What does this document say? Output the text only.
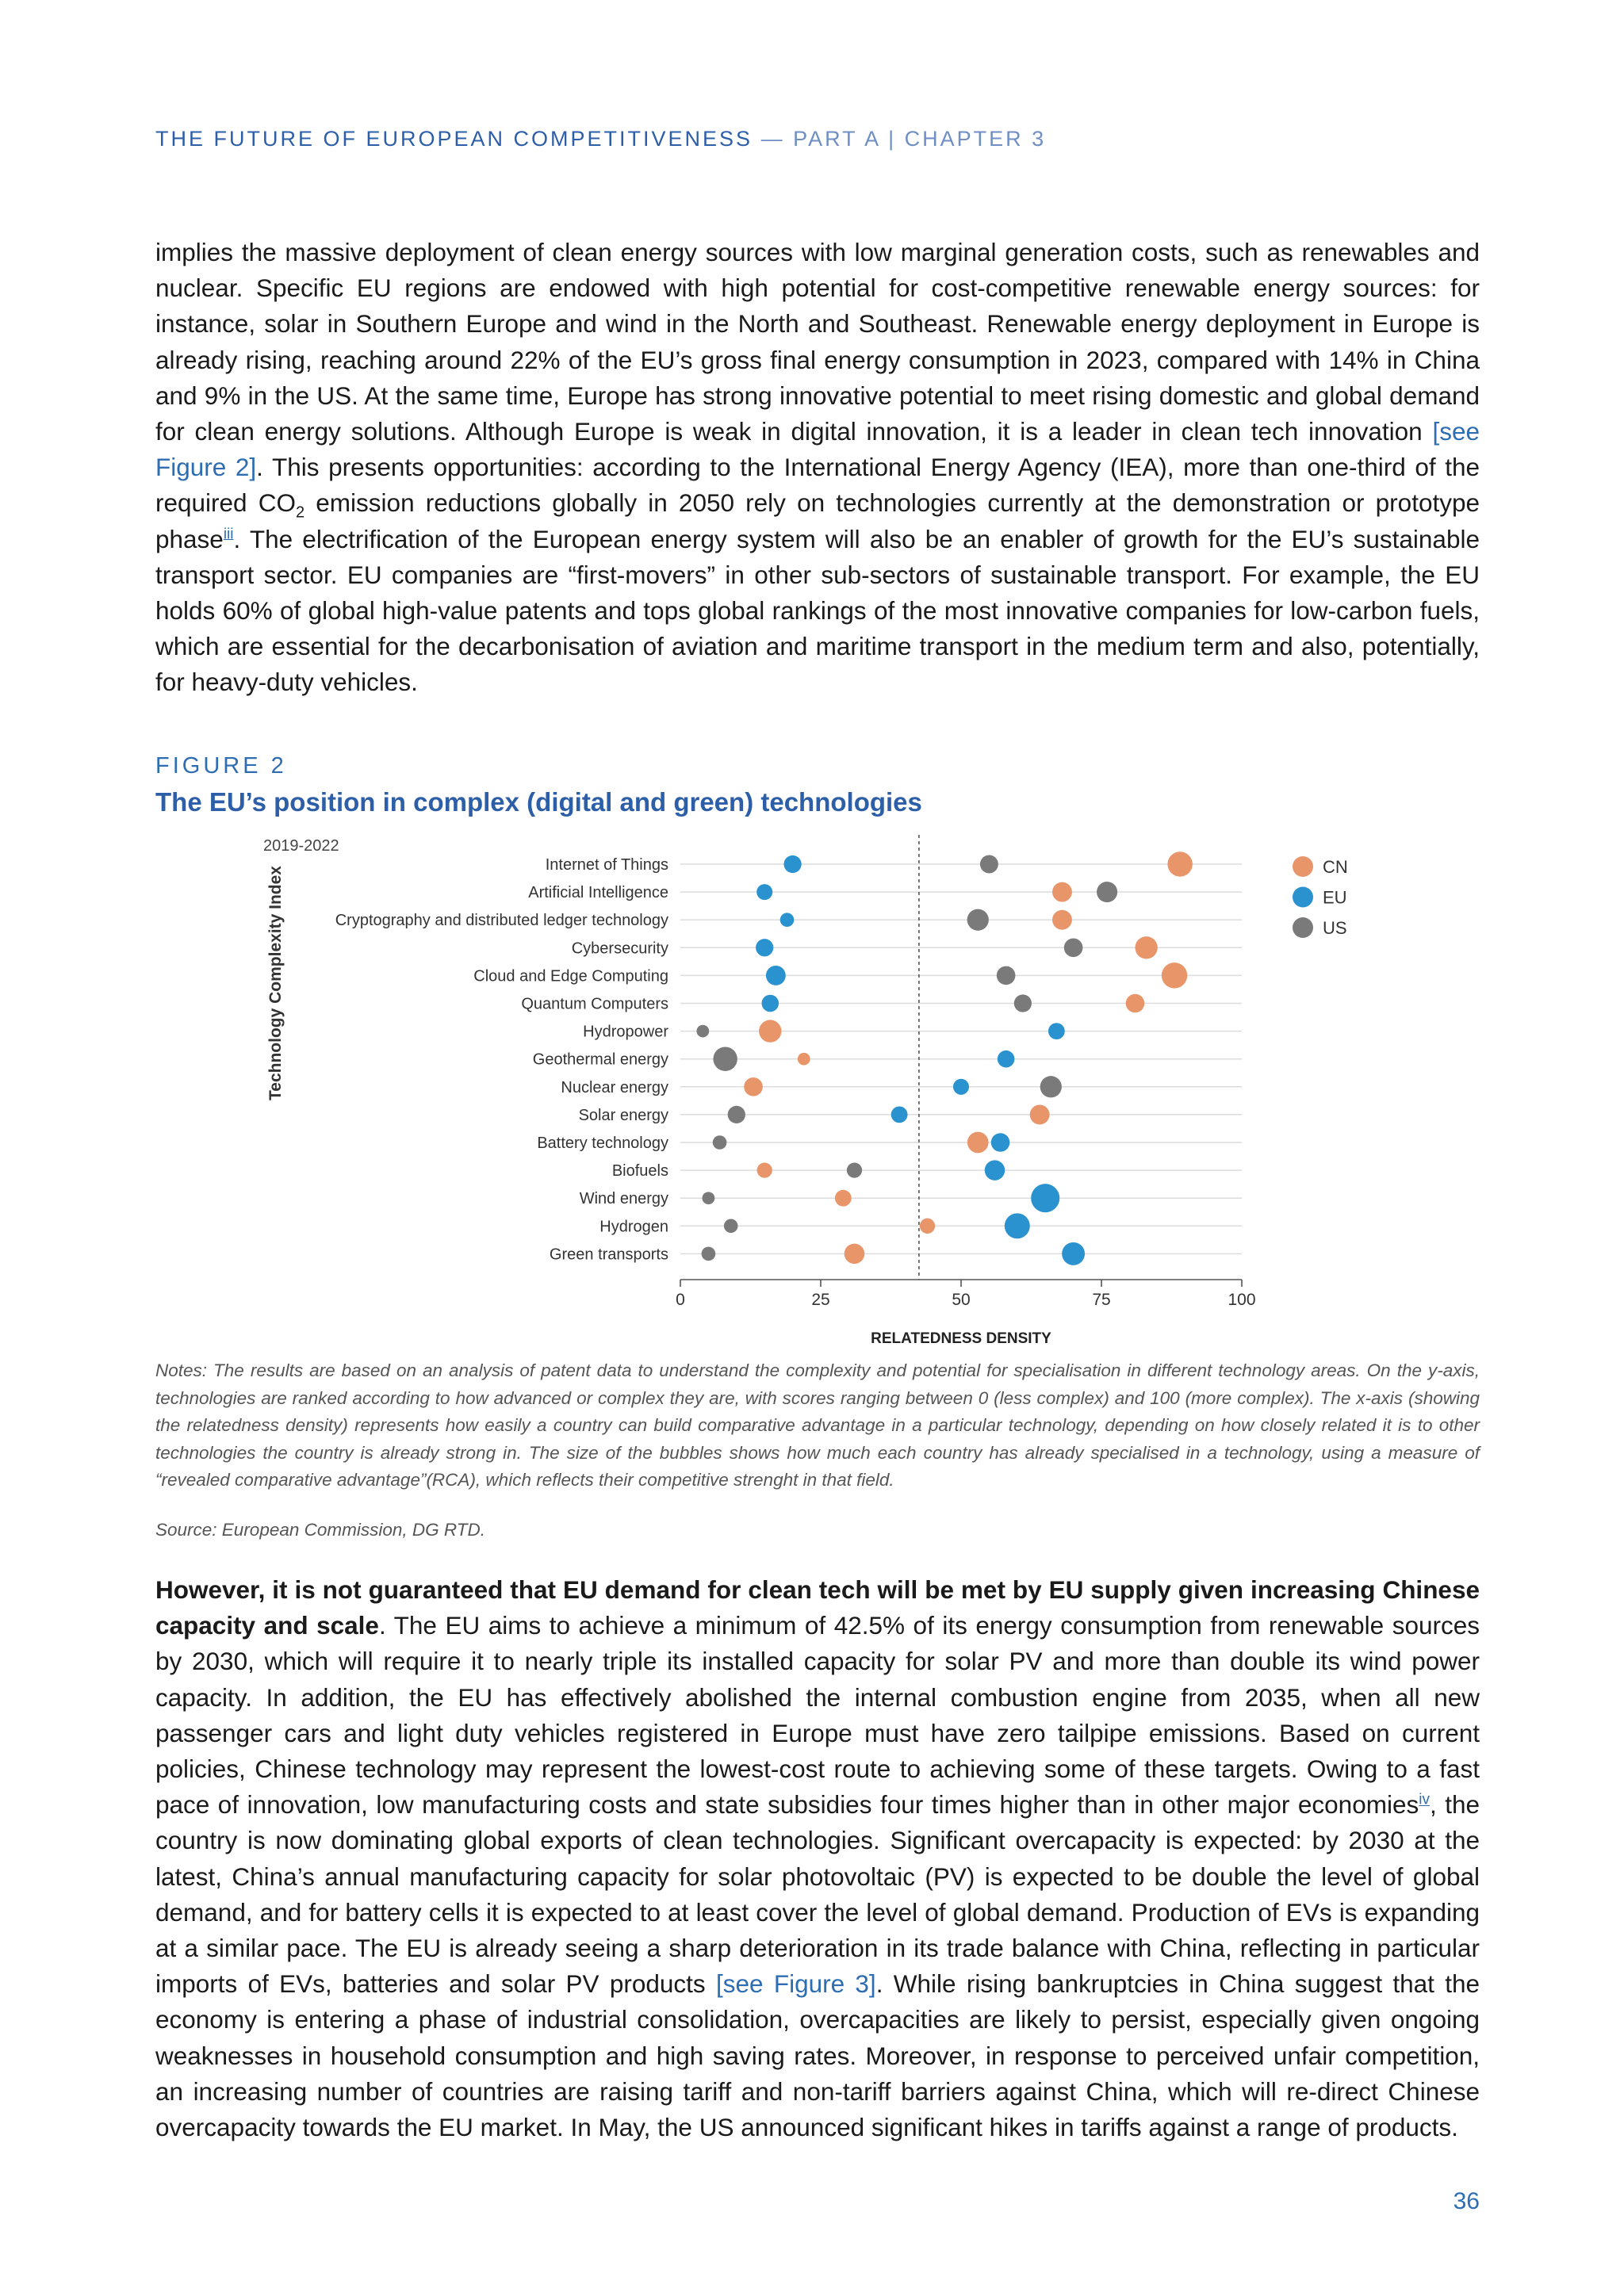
THE FUTURE OF EUROPEAN COMPETITIVENESS — PART A | CHAPTER 3

implies the massive deployment of clean energy sources with low marginal generation costs, such as renewables and nuclear. Specific EU regions are endowed with high potential for cost-competitive renewable energy sources: for instance, solar in Southern Europe and wind in the North and Southeast. Renewable energy deployment in Europe is already rising, reaching around 22% of the EU’s gross final energy consumption in 2023, compared with 14% in China and 9% in the US. At the same time, Europe has strong innovative potential to meet rising domestic and global demand for clean energy solutions. Although Europe is weak in digital innovation, it is a leader in clean tech innovation [see Figure 2]. This presents opportunities: according to the International Energy Agency (IEA), more than one-third of the required $CO_2$ emission reductions globally in 2050 rely on technologies currently at the demonstration or prototype phase$^{iii}$. The electrification of the European energy system will also be an enabler of growth for the EU’s sustainable transport sector. EU companies are “first-movers” in other sub-sectors of sustainable transport. For example, the EU holds 60% of global high-value patents and tops global rankings of the most innovative companies for low-carbon fuels, which are essential for the decarbonisation of aviation and maritime transport in the medium term and also, potentially, for heavy-duty vehicles.

FIGURE 2
The EU’s position in complex (digital and green) technologies
2019-2022
Internet of Things
Artificial Intelligence
Cryptography and distributed ledger technology
Cybersecurity
Cloud and Edge Computing
Quantum Computers
Hydropower
Geothermal energy
Nuclear energy
Solar energy
Battery technology
Biofuels
Wind energy
Hydrogen
Green transports
Technology Complexity Index
0	25	50	75	100
RELATEDNESS DENSITY
CN
EU
US

Notes: The results are based on an analysis of patent data to understand the complexity and potential for specialisation in different technology areas. On the y-axis, technologies are ranked according to how advanced or complex they are, with scores ranging between 0 (less complex) and 100 (more complex). The x-axis (showing the relatedness density) represents how easily a country can build comparative advantage in a particular technology, depending on how closely related it is to other technologies the country is already strong in. The size of the bubbles shows how much each country has already specialised in a technology, using a measure of “revealed comparative advantage”(RCA), which reflects their competitive strenght in that field.

Source: European Commission, DG RTD.

However, it is not guaranteed that EU demand for clean tech will be met by EU supply given increasing Chinese capacity and scale. The EU aims to achieve a minimum of 42.5% of its energy consumption from renewable sources by 2030, which will require it to nearly triple its installed capacity for solar PV and more than double its wind power capacity. In addition, the EU has effectively abolished the internal combustion engine from 2035, when all new passenger cars and light duty vehicles registered in Europe must have zero tailpipe emissions. Based on current policies, Chinese technology may represent the lowest-cost route to achieving some of these targets. Owing to a fast pace of innovation, low manufacturing costs and state subsidies four times higher than in other major economies$^{iv}$, the country is now dominating global exports of clean technologies. Significant overcapacity is expected: by 2030 at the latest, China’s annual manufacturing capacity for solar photovoltaic (PV) is expected to be double the level of global demand, and for battery cells it is expected to at least cover the level of global demand. Production of EVs is expanding at a similar pace. The EU is already seeing a sharp deterioration in its trade balance with China, reflecting in particular imports of EVs, batteries and solar PV products [see Figure 3]. While rising bankruptcies in China suggest that the economy is entering a phase of industrial consolidation, overcapacities are likely to persist, especially given ongoing weaknesses in household consumption and high saving rates. Moreover, in response to perceived unfair competition, an increasing number of countries are raising tariff and non-tariff barriers against China, which will re-direct Chinese overcapacity towards the EU market. In May, the US announced significant hikes in tariffs against a range of products.

36
